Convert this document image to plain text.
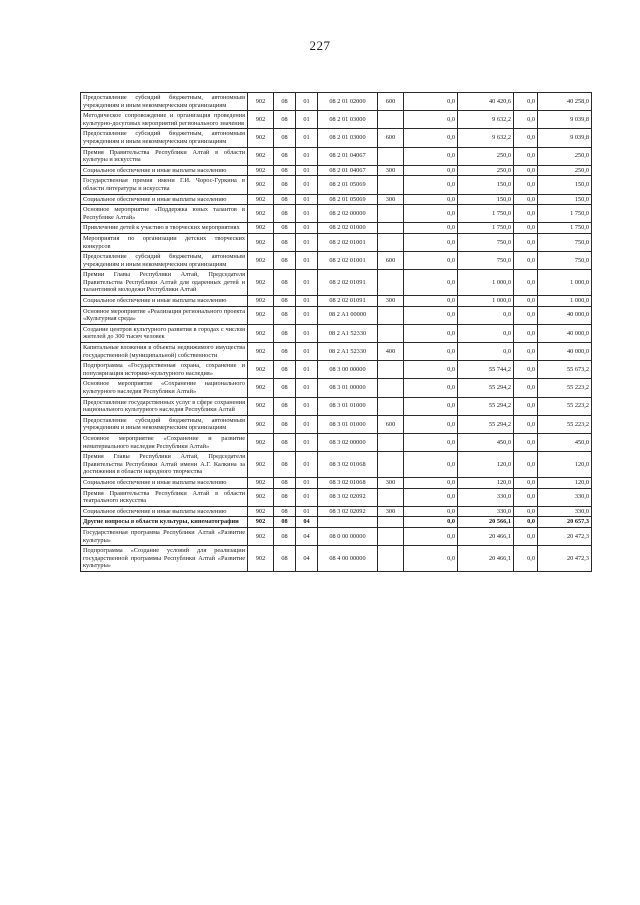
227
Предоставление субсидий бюджетным, автономным учреждениям и иным некоммерческим организациям	902	08	01	08 2 01 02000	600	0,0	40 420,6	0,0	40 258,0
Методическое сопровождение и организация проведения культурно-досуговых мероприятий регионального значения	902	08	01	08 2 01 03000		0,0	9 632,2	0,0	9 039,8
Предоставление субсидий бюджетным, автономным учреждениям и иным некоммерческим организациям	902	08	01	08 2 01 03000	600	0,0	9 632,2	0,0	9 039,8
Премия Правительства Республики Алтай в области культуры и искусства	902	08	01	08 2 01 04067		0,0	250,0	0,0	250,0
Социальное обеспечение и иные выплаты населению	902	08	01	08 2 01 04067	300	0,0	250,0	0,0	250,0
Государственная премия имени Г.И. Чорос-Гуркина в области литературы и искусства	902	08	01	08 2 01 05069		0,0	150,0	0,0	150,0
Социальное обеспечение и иные выплаты населению	902	08	01	08 2 01 05069	300	0,0	150,0	0,0	150,0
Основное мероприятие «Поддержка юных талантов в Республике Алтай»	902	08	01	08 2 02 00000		0,0	1 750,0	0,0	1 750,0
Привлечение детей к участию в творческих мероприятиях	902	08	01	08 2 02 01000		0,0	1 750,0	0,0	1 750,0
Мероприятия по организации детских творческих конкурсов	902	08	01	08 2 02 01001		0,0	750,0	0,0	750,0
Предоставление субсидий бюджетным, автономным учреждениям и иным некоммерческим организациям	902	08	01	08 2 02 01001	600	0,0	750,0	0,0	750,0
Премии Главы Республики Алтай, Председателя Правительства Республики Алтай для одаренных детей и талантливой молодежи Республики Алтай	902	08	01	08 2 02 01091		0,0	1 000,0	0,0	1 000,0
Социальное обеспечение и иные выплаты населению	902	08	01	08 2 02 01091	300	0,0	1 000,0	0,0	1 000,0
Основное мероприятие «Реализация регионального проекта «Культурная среда»	902	08	01	08 2 A1 00000		0,0	0,0	0,0	40 000,0
Создание центров культурного развития в городах с числом жителей до 300 тысяч человек	902	08	01	08 2 A1 52330		0,0	0,0	0,0	40 000,0
Капитальные вложения в объекты недвижимого имущества государственной (муниципальной) собственности	902	08	01	08 2 A1 52330	400	0,0	0,0	0,0	40 000,0
Подпрограмма «Государственная охрана, сохранение и популяризация историко-культурного наследия»	902	08	01	08 3 00 00000		0,0	55 744,2	0,0	55 673,2
Основное мероприятие «Сохранение национального культурного наследия Республики Алтай»	902	08	01	08 3 01 00000		0,0	55 294,2	0,0	55 223,2
Предоставление государственных услуг в сфере сохранения национального культурного наследия Республики Алтай	902	08	01	08 3 01 01000		0,0	55 294,2	0,0	55 223,2
Предоставление субсидий бюджетным, автономным учреждениям и иным некоммерческим организациям	902	08	01	08 3 01 01000	600	0,0	55 294,2	0,0	55 223,2
Основное мероприятие «Сохранение и развитие нематериального наследия Республики Алтай»	902	08	01	08 3 02 00000		0,0	450,0	0,0	450,0
Премия Главы Республики Алтай, Председателя Правительства Республики Алтай имени А.Г. Калкина за достижения в области народного творчества	902	08	01	08 3 02 01068		0,0	120,0	0,0	120,0
Социальное обеспечение и иные выплаты населению	902	08	01	08 3 02 01068	300	0,0	120,0	0,0	120,0
Премия Правительства Республики Алтай в области театрального искусства	902	08	01	08 3 02 02092		0,0	330,0	0,0	330,0
Социальное обеспечение и иные выплаты населению	902	08	01	08 3 02 02092	300	0,0	330,0	0,0	330,0
Другие вопросы в области культуры, кинематографии	902	08	04			0,0	20 566,1	0,0	20 657,3
Государственная программа Республики Алтай «Развитие культуры»	902	08	04	08 0 00 00000		0,0	20 466,1	0,0	20 472,3
Подпрограмма «Создание условий для реализации государственной программы Республики Алтай «Развитие культуры»	902	08	04	08 4 00 00000		0,0	20 466,1	0,0	20 472,3
